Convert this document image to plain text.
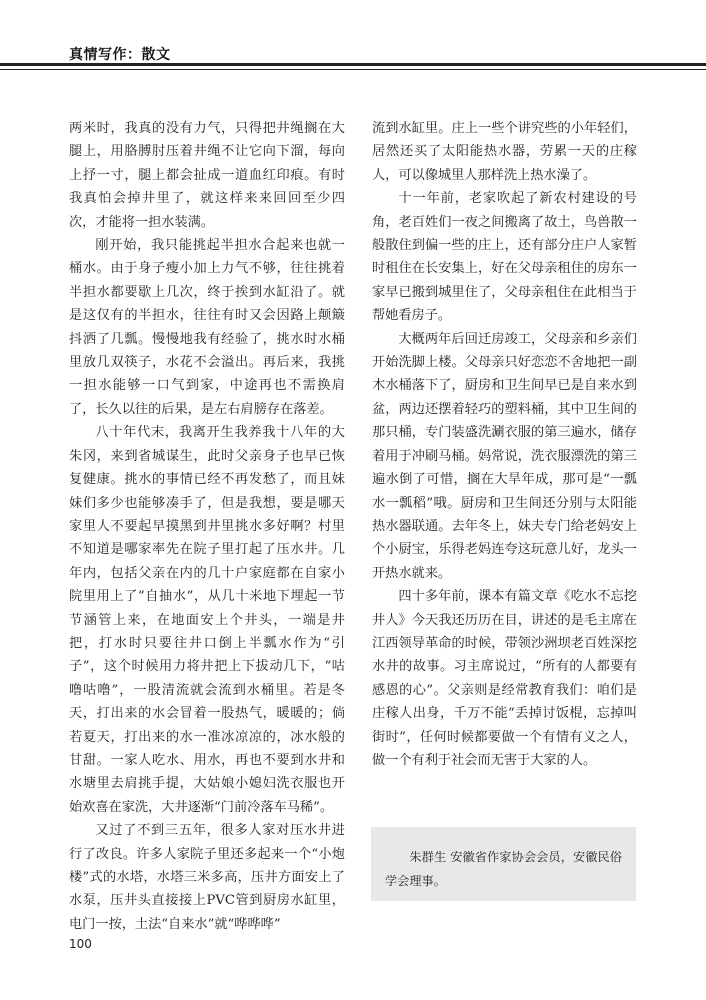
真情写作：散文

两米时，我真的没有力气，只得把井绳搁在大腿上，用胳膊肘压着井绳不让它向下溜，每向上抒一寸，腿上都会扯成一道血红印痕。有时我真怕会掉井里了，就这样来来回回至少四次，才能将一担水装满。

刚开始，我只能挑起半担水合起来也就一桶水。由于身子瘦小加上力气不够，往往挑着半担水都要歇上几次，终于挨到水缸沿了。就是这仅有的半担水，往往有时又会因路上颠簸抖洒了几瓢。慢慢地我有经验了，挑水时水桶里放几双筷子，水花不会溢出。再后来，我挑一担水能够一口气到家，中途再也不需换肩了，长久以往的后果，是左右肩膀存在落差。

八十年代末，我离开生我养我十八年的大朱冈，来到省城谋生，此时父亲身子也早已恢复健康。挑水的事情已经不再发愁了，而且妹妹们多少也能够凑手了，但是我想，要是哪天家里人不要起早摸黑到井里挑水多好啊？村里不知道是哪家率先在院子里打起了压水井。几年内，包括父亲在内的几十户家庭都在自家小院里用上了“自抽水”，从几十米地下埋起一节节涵管上来，在地面安上个井头，一端是井把，打水时只要往井口倒上半瓢水作为“引子”，这个时候用力将井把上下拔动几下，“咕噜咕噜”，一股清流就会流到水桶里。若是冬天，打出来的水会冒着一股热气，暖暖的；倘若夏天，打出来的水一准冰凉凉的，冰水般的甘甜。一家人吃水、用水，再也不要到水井和水塘里去肩挑手提，大姑娘小媳妇洗衣服也开始欢喜在家洗，大井逐渐“门前冷落车马稀”。

又过了不到三五年，很多人家对压水井进行了改良。许多人家院子里还多起来一个“小炮楼”式的水塔，水塔三米多高，压井方面安上了水泵，压井头直接接上PVC管到厨房水缸里，电门一按，土法“自来水”就“哗哗哗”

流到水缸里。庄上一些个讲究些的小年轻们，居然还买了太阳能热水器，劳累一天的庄稼人，可以像城里人那样洗上热水澡了。

十一年前，老家吹起了新农村建设的号角，老百姓们一夜之间搬离了故土，鸟兽散一般散住到偏一些的庄上，还有部分庄户人家暂时租住在长安集上，好在父母亲租住的房东一家早已搬到城里住了，父母亲租住在此相当于帮她看房子。

大概两年后回迁房竣工，父母亲和乡亲们开始洗脚上楼。父母亲只好恋恋不舍地把一副木水桶落下了，厨房和卫生间早已是自来水到盆，两边还摆着轻巧的塑料桶，其中卫生间的那只桶，专门装盛洗涮衣服的第三遍水，储存着用于冲刷马桶。妈常说，洗衣服漂洗的第三遍水倒了可惜，搁在大旱年成，那可是“一瓢水一瓢稻”哦。厨房和卫生间还分别与太阳能热水器联通。去年冬上，妹夫专门给老妈安上个小厨宝，乐得老妈连夸这玩意儿好，龙头一开热水就来。

四十多年前，课本有篇文章《吃水不忘挖井人》今天我还历历在目，讲述的是毛主席在江西领导革命的时候，带领沙洲坝老百姓深挖水井的故事。习主席说过，“所有的人都要有感恩的心”。父亲则是经常教育我们：咱们是庄稼人出身，千万不能“丢掉讨饭棍，忘掉叫街时”，任何时候都要做一个有情有义之人，做一个有利于社会而无害于大家的人。

朱群生 安徽省作家协会会员，安徽民俗学会理事。

100
